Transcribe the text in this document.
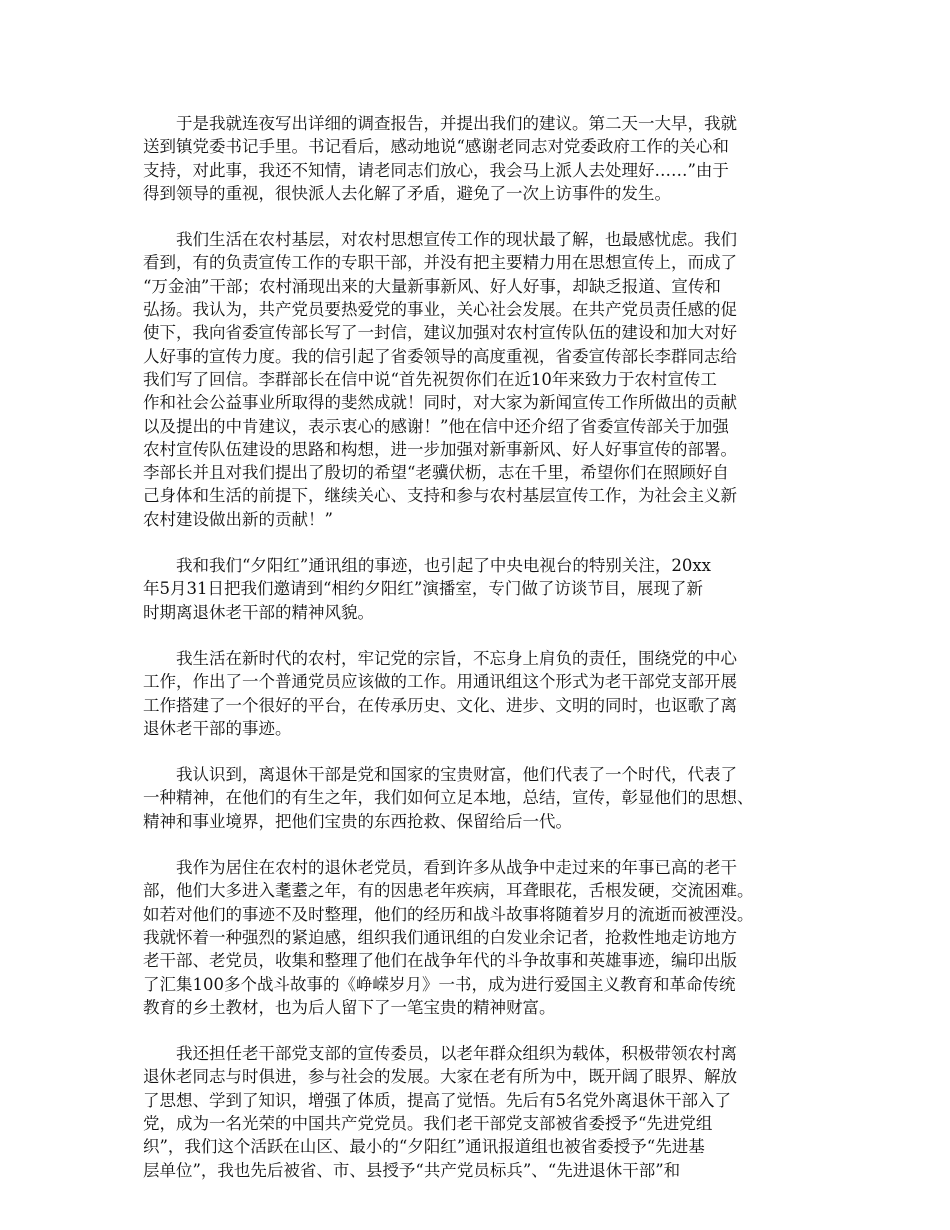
　　于是我就连夜写出详细的调查报告，并提出我们的建议。第二天一大早，我就
送到镇党委书记手里。书记看后，感动地说“感谢老同志对党委政府工作的关心和
支持，对此事，我还不知情，请老同志们放心，我会马上派人去处理好……”由于
得到领导的重视，很快派人去化解了矛盾，避免了一次上访事件的发生。

　　我们生活在农村基层，对农村思想宣传工作的现状最了解，也最感忧虑。我们
看到，有的负责宣传工作的专职干部，并没有把主要精力用在思想宣传上，而成了
“万金油”干部；农村涌现出来的大量新事新风、好人好事，却缺乏报道、宣传和
弘扬。我认为，共产党员要热爱党的事业，关心社会发展。在共产党员责任感的促
使下，我向省委宣传部长写了一封信，建议加强对农村宣传队伍的建设和加大对好
人好事的宣传力度。我的信引起了省委领导的高度重视，省委宣传部长李群同志给
我们写了回信。李群部长在信中说“首先祝贺你们在近10年来致力于农村宣传工
作和社会公益事业所取得的斐然成就！同时，对大家为新闻宣传工作所做出的贡献
以及提出的中肯建议，表示衷心的感谢！”他在信中还介绍了省委宣传部关于加强
农村宣传队伍建设的思路和构想，进一步加强对新事新风、好人好事宣传的部署。
李部长并且对我们提出了殷切的希望“老骥伏枥，志在千里，希望你们在照顾好自
己身体和生活的前提下，继续关心、支持和参与农村基层宣传工作，为社会主义新
农村建设做出新的贡献！”

　　我和我们“夕阳红”通讯组的事迹，也引起了中央电视台的特别关注，20xx
年5月31日把我们邀请到“相约夕阳红”演播室，专门做了访谈节目，展现了新
时期离退休老干部的精神风貌。

　　我生活在新时代的农村，牢记党的宗旨，不忘身上肩负的责任，围绕党的中心
工作，作出了一个普通党员应该做的工作。用通讯组这个形式为老干部党支部开展
工作搭建了一个很好的平台，在传承历史、文化、进步、文明的同时，也讴歌了离
退休老干部的事迹。

　　我认识到，离退休干部是党和国家的宝贵财富，他们代表了一个时代，代表了
一种精神，在他们的有生之年，我们如何立足本地，总结，宣传，彰显他们的思想、
精神和事业境界，把他们宝贵的东西抢救、保留给后一代。

　　我作为居住在农村的退休老党员，看到许多从战争中走过来的年事已高的老干
部，他们大多进入耄耋之年，有的因患老年疾病，耳聋眼花，舌根发硬，交流困难。
如若对他们的事迹不及时整理，他们的经历和战斗故事将随着岁月的流逝而被湮没。
我就怀着一种强烈的紧迫感，组织我们通讯组的白发业余记者，抢救性地走访地方
老干部、老党员，收集和整理了他们在战争年代的斗争故事和英雄事迹，编印出版
了汇集100多个战斗故事的《峥嵘岁月》一书，成为进行爱国主义教育和革命传统
教育的乡土教材，也为后人留下了一笔宝贵的精神财富。

　　我还担任老干部党支部的宣传委员，以老年群众组织为载体，积极带领农村离
退休老同志与时俱进，参与社会的发展。大家在老有所为中，既开阔了眼界、解放
了思想、学到了知识，增强了体质，提高了觉悟。先后有5名党外离退休干部入了
党，成为一名光荣的中国共产党党员。我们老干部党支部被省委授予“先进党组
织”，我们这个活跃在山区、最小的“夕阳红”通讯报道组也被省委授予“先进基
层单位”，我也先后被省、市、县授予“共产党员标兵”、“先进退休干部”和
